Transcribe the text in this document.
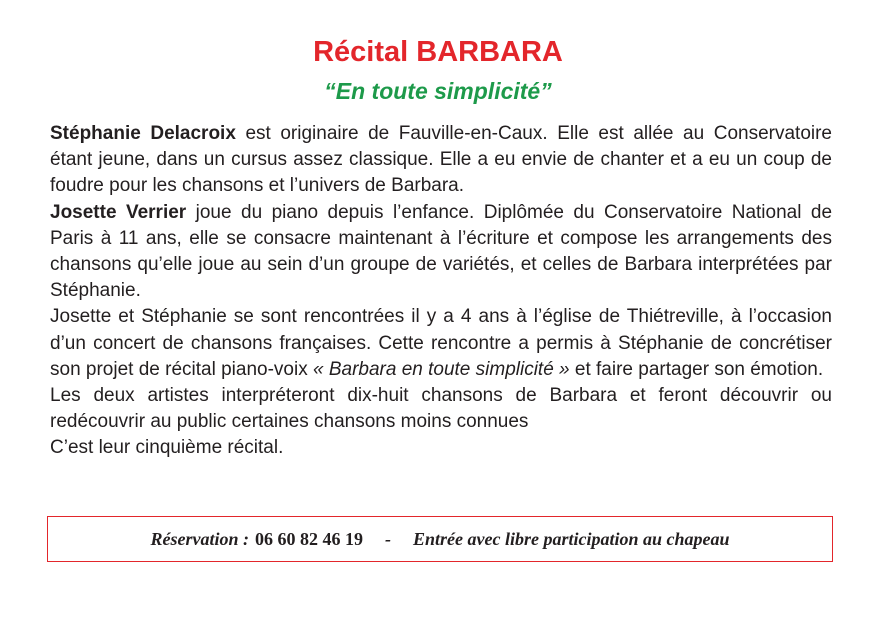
Récital BARBARA
“En toute simplicité”

Stéphanie Delacroix est originaire de Fauville-en-Caux. Elle est allée au Conservatoire étant jeune, dans un cursus assez classique. Elle a eu envie de chanter et a eu un coup de foudre pour les chansons et l’univers de Barbara.

Josette Verrier joue du piano depuis l’enfance. Diplômée du Conservatoire National de Paris à 11 ans, elle se consacre maintenant à l’écriture et compose les arrangements des chansons qu’elle joue au sein d’un groupe de variétés, et celles de Barbara interprétées par Stéphanie.

Josette et Stéphanie se sont rencontrées il y a 4 ans à l’église de Thiétreville, à l’occasion d’un concert de chansons françaises. Cette rencontre a permis à Stéphanie de concrétiser son projet de récital piano-voix « Barbara en toute simplicité » et faire partager son émotion.

Les deux artistes interpréteront dix-huit chansons de Barbara et feront découvrir ou redécouvrir au public certaines chansons moins connues

C’est leur cinquième récital.

Réservation : 06 60 82 46 19 - Entrée avec libre participation au chapeau
